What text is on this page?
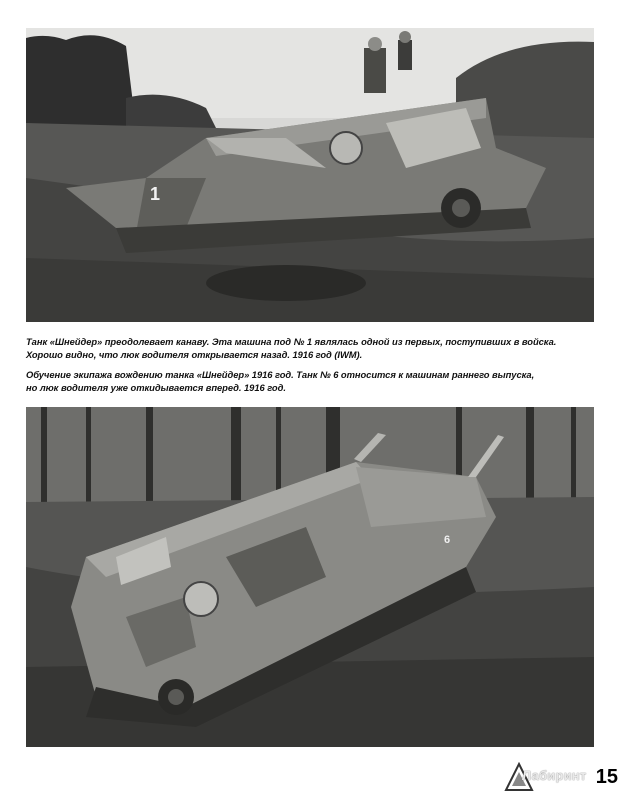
1

Танк «Шнейдер» преодолевает канаву. Эта машина под № 1 являлась одной из первых, поступивших в войска.

Хорошо видно, что люк водителя открывается назад. 1916 год (IWM).

Обучение экипажа вождению танка «Шнейдер» 1916 год. Танк № 6 относится к машинам раннего выпуска,

но люк водителя уже откидывается вперед. 1916 год.

6
Лабиринт 15
